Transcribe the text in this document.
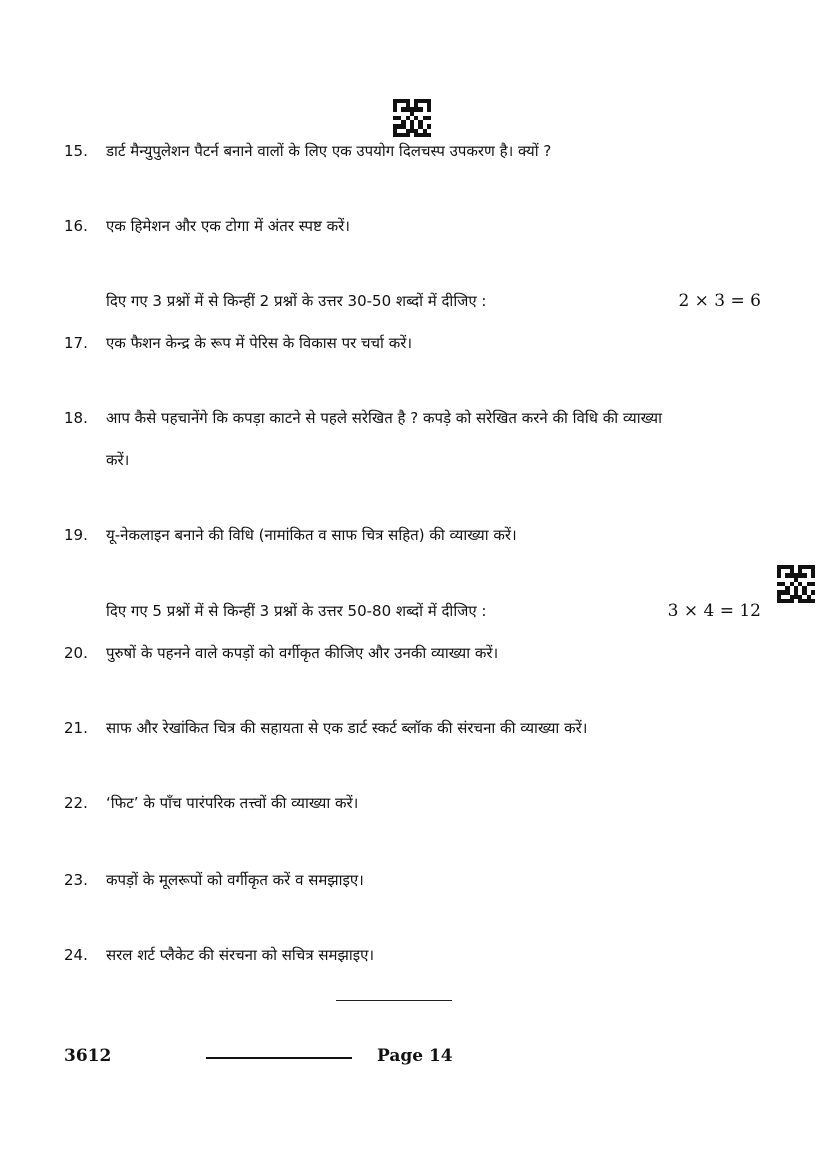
15. डार्ट मैन्युपुलेशन पैटर्न बनाने वालों के लिए एक उपयोग दिलचस्प उपकरण है। क्यों ?
16. एक हिमेशन और एक टोगा में अंतर स्पष्ट करें।
दिए गए 3 प्रश्नों में से किन्हीं 2 प्रश्नों के उत्तर 30-50 शब्दों में दीजिए :	2 × 3 = 6
17. एक फैशन केन्द्र के रूप में पेरिस के विकास पर चर्चा करें।
18. आप कैसे पहचानेंगे कि कपड़ा काटने से पहले सरेखित है ? कपड़े को सरेखित करने की विधि की व्याख्या
करें।
19. यू-नेकलाइन बनाने की विधि (नामांकित व साफ चित्र सहित) की व्याख्या करें।
दिए गए 5 प्रश्नों में से किन्हीं 3 प्रश्नों के उत्तर 50-80 शब्दों में दीजिए :	3 × 4 = 12
20. पुरुषों के पहनने वाले कपड़ों को वर्गीकृत कीजिए और उनकी व्याख्या करें।
21. साफ और रेखांकित चित्र की सहायता से एक डार्ट स्कर्ट ब्लॉक की संरचना की व्याख्या करें।
22. ‘फिट’ के पाँच पारंपरिक तत्त्वों की व्याख्या करें।
23. कपड़ों के मूलरूपों को वर्गीकृत करें व समझाइए।
24. सरल शर्ट प्लैकेट की संरचना को सचित्र समझाइए।
3612	Page 14
